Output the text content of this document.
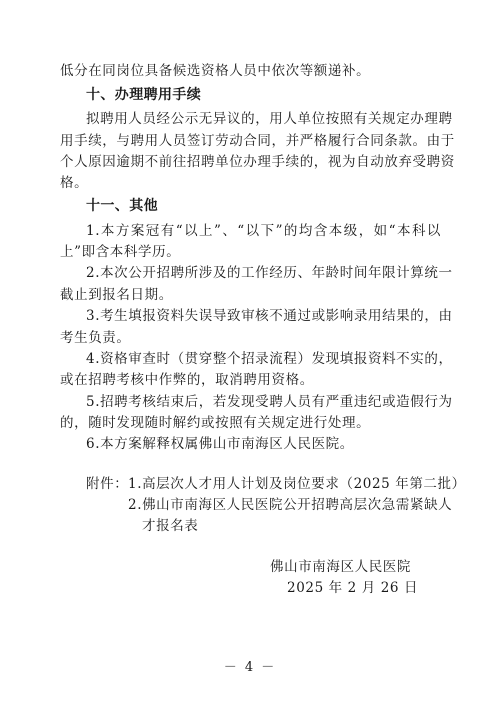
低分在同岗位具备候选资格人员中依次等额递补。
十、办理聘用手续
拟聘用人员经公示无异议的，用人单位按照有关规定办理聘
用手续，与聘用人员签订劳动合同，并严格履行合同条款。由于
个人原因逾期不前往招聘单位办理手续的，视为自动放弃受聘资
格。
十一、其他
1.本方案冠有“以上”、“以下”的均含本级，如“本科以
上”即含本科学历。
2.本次公开招聘所涉及的工作经历、年龄时间年限计算统一
截止到报名日期。
3.考生填报资料失误导致审核不通过或影响录用结果的，由
考生负责。
4.资格审查时（贯穿整个招录流程）发现填报资料不实的，
或在招聘考核中作弊的，取消聘用资格。
5.招聘考核结束后，若发现受聘人员有严重违纪或造假行为
的，随时发现随时解约或按照有关规定进行处理。
6.本方案解释权属佛山市南海区人民医院。
附件： 1.高层次人才用人计划及岗位要求（2025 年第二批）
2.佛山市南海区人民医院公开招聘高层次急需紧缺人
才报名表
佛山市南海区人民医院
2025 年 2 月 26 日
－ 4 －
